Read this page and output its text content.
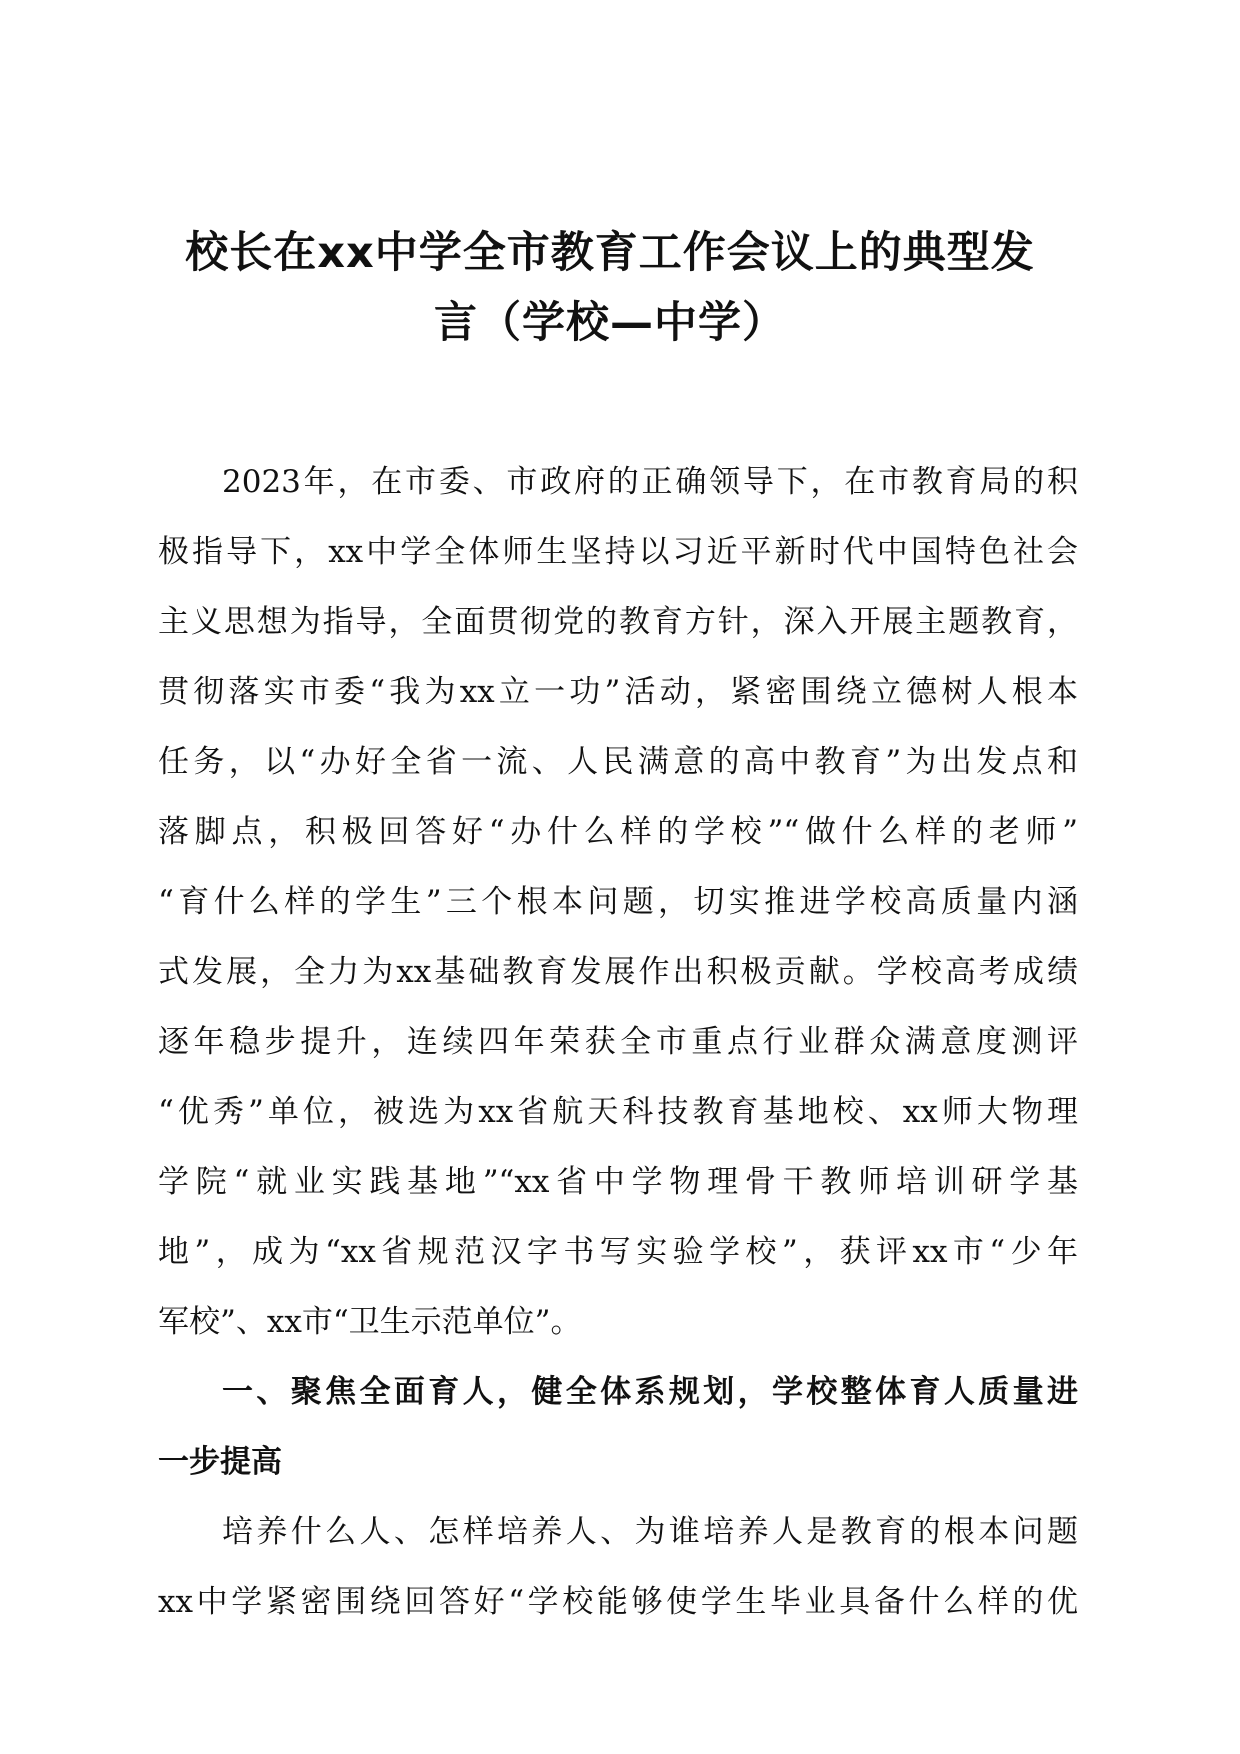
校长在xx中学全市教育工作会议上的典型发
言（学校—中学）
2023年，在市委、市政府的正确领导下，在市教育局的积
极指导下，xx中学全体师生坚持以习近平新时代中国特色社会
主义思想为指导，全面贯彻党的教育方针，深入开展主题教育，
贯彻落实市委“我为xx立一功”活动，紧密围绕立德树人根本
任务，以“办好全省一流、人民满意的高中教育”为出发点和
落脚点，积极回答好“办什么样的学校”“做什么样的老师”
“育什么样的学生”三个根本问题，切实推进学校高质量内涵
式发展，全力为xx基础教育发展作出积极贡献。学校高考成绩
逐年稳步提升，连续四年荣获全市重点行业群众满意度测评
“优秀”单位，被选为xx省航天科技教育基地校、xx师大物理
学院“就业实践基地”“xx省中学物理骨干教师培训研学基
地”，成为“xx省规范汉字书写实验学校”，获评xx市“少年
军校”、xx市“卫生示范单位”。
一、聚焦全面育人，健全体系规划，学校整体育人质量进
一步提高
培养什么人、怎样培养人、为谁培养人是教育的根本问题
xx中学紧密围绕回答好“学校能够使学生毕业具备什么样的优
